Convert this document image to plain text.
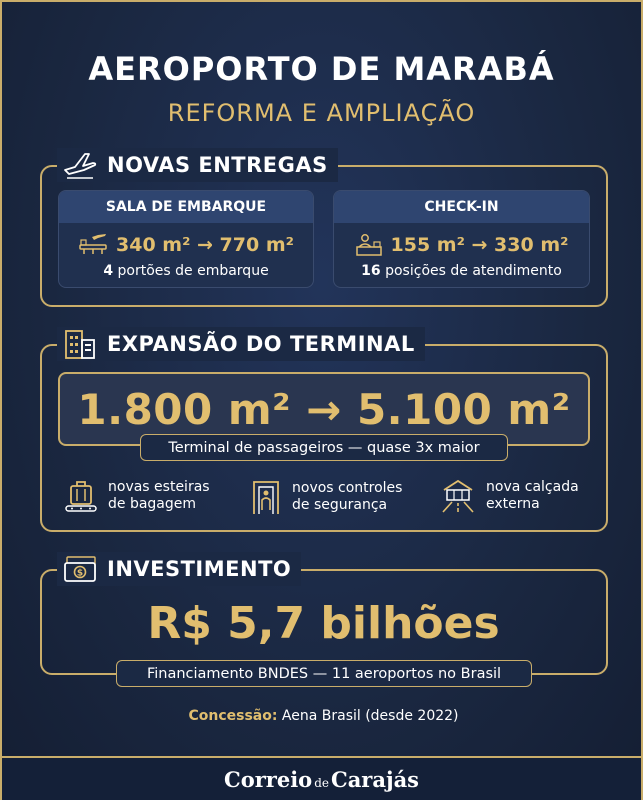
AEROPORTO DE MARABÁ
REFORMA E AMPLIAÇÃO
NOVAS ENTREGAS
SALA DE EMBARQUE
340 m² → 770 m²
4 portões de embarque
CHECK-IN
155 m² → 330 m²
16 posições de atendimento
EXPANSÃO DO TERMINAL
1.800 m² → 5.100 m²
Terminal de passageiros — quase 3x maior
novas esteiras de bagagem
novos controles de segurança
nova calçada externa
$ INVESTIMENTO
R$ 5,7 bilhões
Financiamento BNDES — 11 aeroportos no Brasil
Concessão: Aena Brasil (desde 2022)
Correio de Carajás
